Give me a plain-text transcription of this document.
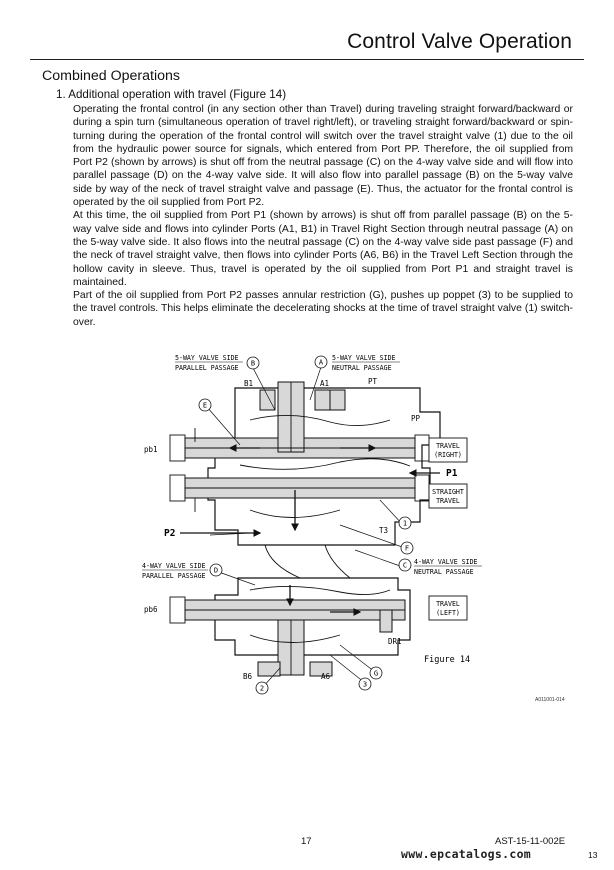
Control Valve Operation
Combined Operations
1. Additional operation with travel (Figure 14)

Operating the frontal control (in any section other than Travel) during traveling straight forward/backward or during a spin turn (simultaneous operation of travel right/left), or traveling straight forward/backward or spin-turning during the operation of the frontal control will switch over the travel straight valve (1) due to the oil from the hydraulic power source for signals, which entered from Port PP. Therefore, the oil supplied from Port P2 (shown by arrows) is shut off from the neutral passage (C) on the 4-way valve side and will flow into parallel passage (D) on the 4-way valve side. It will also flow into parallel passage (B) on the 5-way valve side by way of the neck of travel straight valve and passage (E). Thus, the actuator for the frontal control is operated by the oil supplied from Port P2.

At this time, the oil supplied from Port P1 (shown by arrows) is shut off from parallel passage (B) on the 5-way valve side and flows into cylinder Ports (A1, B1) in Travel Right Section through neutral passage (A) on the 5-way valve side. It also flows into the neutral passage (C) on the 4-way valve side past passage (F) and the neck of travel straight valve, then flows into cylinder Ports (A6, B6) in the Travel Left Section through the hollow cavity in sleeve. Thus, travel is operated by the oil supplied from Port P1 and straight travel is maintained.

Part of the oil supplied from Port P2 passes annular restriction (G), pushes up poppet (3) to be supplied to the travel controls. This helps eliminate the decelerating shocks at the time of travel straight valve (1) switch-over.

5-WAY VALVE SIDE
PARALLEL PASSAGE
5-WAY VALVE SIDE
NEUTRAL PASSAGE
4-WAY VALVE SIDE
NEUTRAL PASSAGE
4-WAY VALVE SIDE
PARALLEL PASSAGE
B	A
E
1
F
C
D
G
3
2
B1	A1	PT
PP
pb1
T3
pb6
DR1
B6	A6
P1
P2
TRAVEL
(RIGHT)
STRAIGHT
TRAVEL
TRAVEL
(LEFT)
Figure 14
A011001-014
17	AST-15-11-002E
www.epcatalogs.com	13
